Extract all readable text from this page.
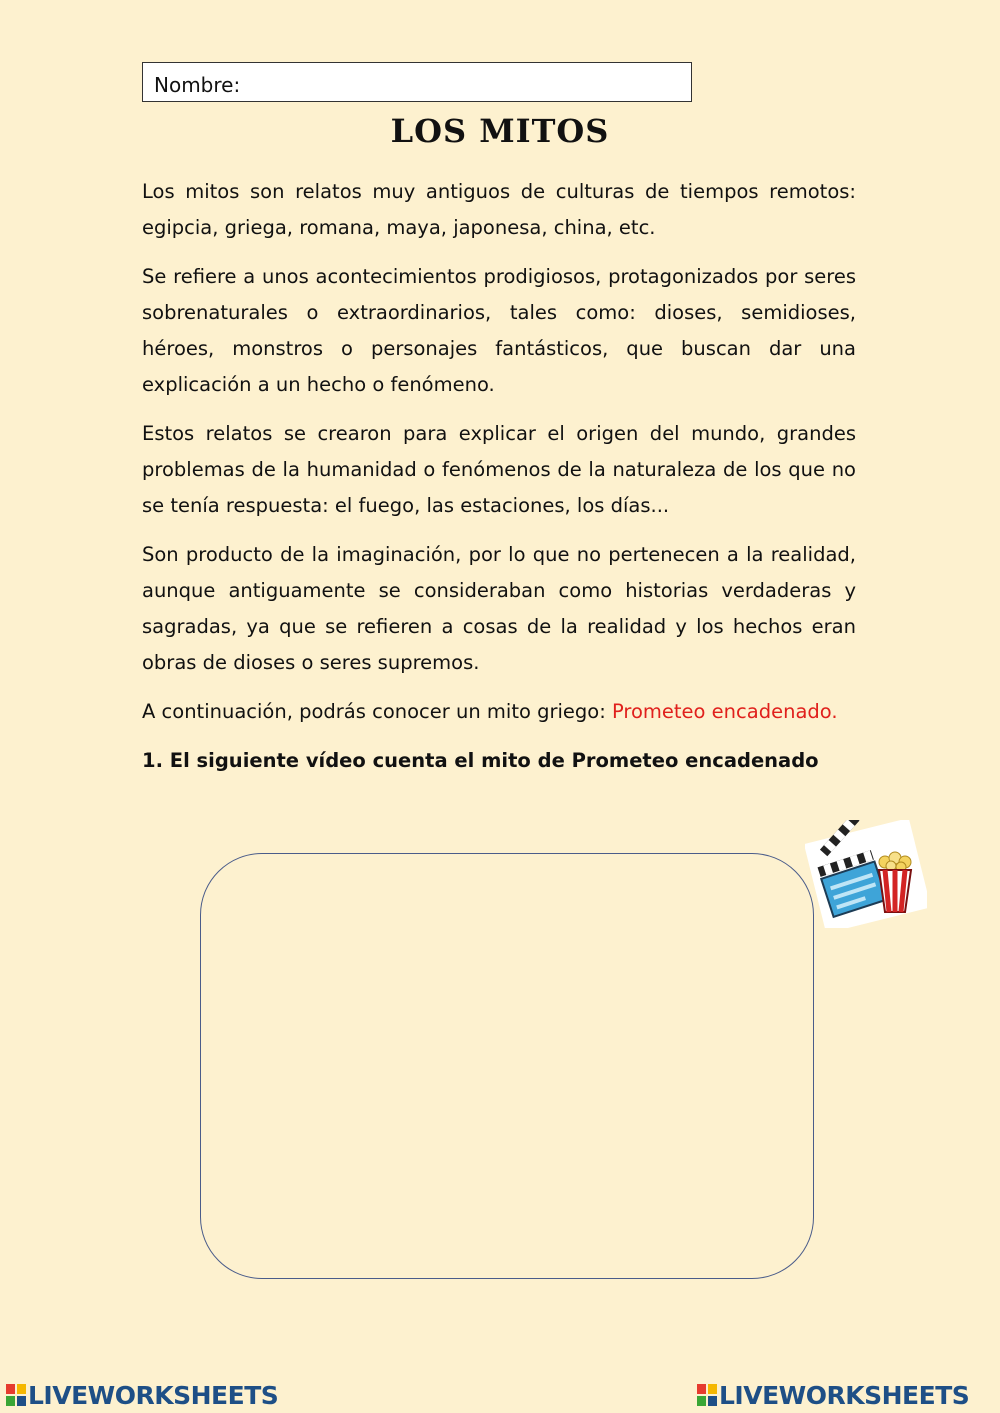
Nombre:
LOS MITOS

Los mitos son relatos muy antiguos de culturas de tiempos remotos: egipcia, griega, romana, maya, japonesa, china, etc.

Se refiere a unos acontecimientos prodigiosos, protagonizados por seres sobrenaturales o extraordinarios, tales como: dioses, semidioses, héroes, monstros o personajes fantásticos, que buscan dar una explicación a un hecho o fenómeno.

Estos relatos se crearon para explicar el origen del mundo, grandes problemas de la humanidad o fenómenos de la naturaleza de los que no se tenía respuesta: el fuego, las estaciones, los días...

Son producto de la imaginación, por lo que no pertenecen a la realidad, aunque antiguamente se consideraban como historias verdaderas y sagradas, ya que se refieren a cosas de la realidad y los hechos eran obras de dioses o seres supremos.

A continuación, podrás conocer un mito griego: Prometeo encadenado.

1. El siguiente vídeo cuenta el mito de Prometeo encadenado

LIVEWORKSHEETS	LIVEWORKSHEETS
